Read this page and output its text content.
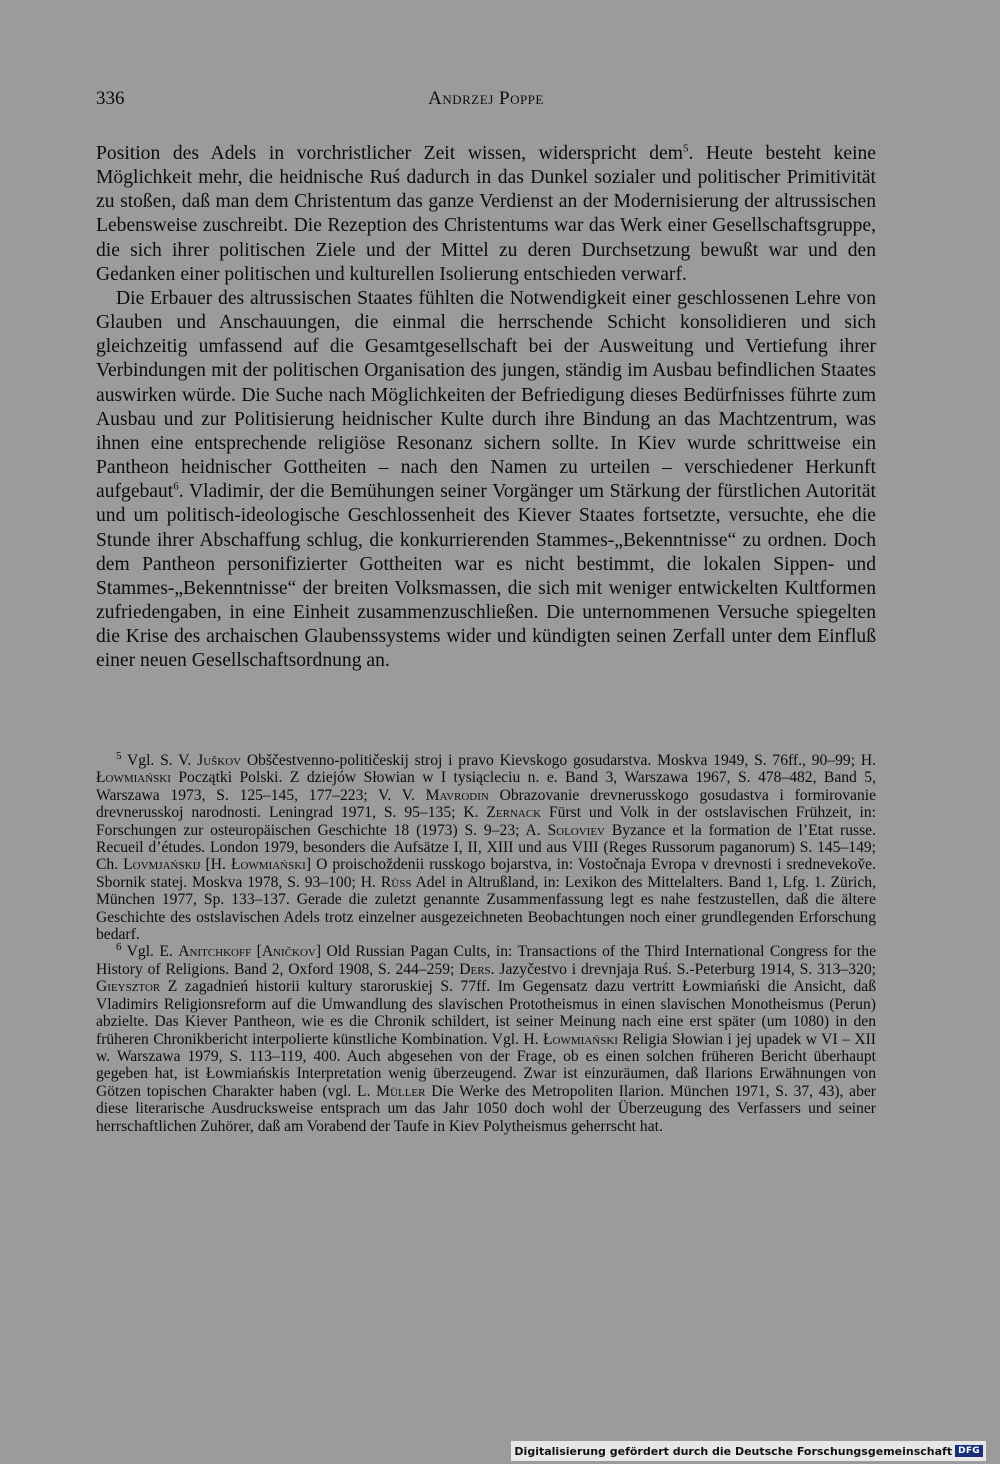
336	Andrzej Poppe

Position des Adels in vorchristlicher Zeit wissen, widerspricht dem$^5$. Heute besteht keine Möglichkeit mehr, die heidnische Ruś dadurch in das Dunkel sozialer und politischer Primitivität zu stoßen, daß man dem Christentum das ganze Verdienst an der Modernisierung der altrussischen Lebensweise zuschreibt. Die Rezeption des Christentums war das Werk einer Gesellschaftsgruppe, die sich ihrer politischen Ziele und der Mittel zu deren Durchsetzung bewußt war und den Gedanken einer politischen und kulturellen Isolierung entschieden verwarf.

Die Erbauer des altrussischen Staates fühlten die Notwendigkeit einer geschlossenen Lehre von Glauben und Anschauungen, die einmal die herrschende Schicht konsolidieren und sich gleichzeitig umfassend auf die Gesamtgesellschaft bei der Ausweitung und Vertiefung ihrer Verbindungen mit der politischen Organisation des jungen, ständig im Ausbau befindlichen Staates auswirken würde. Die Suche nach Möglichkeiten der Befriedigung dieses Bedürfnisses führte zum Ausbau und zur Politisierung heidnischer Kulte durch ihre Bindung an das Machtzentrum, was ihnen eine entsprechende religiöse Resonanz sichern sollte. In Kiev wurde schrittweise ein Pantheon heidnischer Gottheiten – nach den Namen zu urteilen – verschiedener Herkunft aufgebaut$^6$. Vladimir, der die Bemühungen seiner Vorgänger um Stärkung der fürstlichen Autorität und um politisch-ideologische Geschlossenheit des Kiever Staates fortsetzte, versuchte, ehe die Stunde ihrer Abschaffung schlug, die konkurrierenden Stammes-„Bekenntnisse“ zu ordnen. Doch dem Pantheon personifizierter Gottheiten war es nicht bestimmt, die lokalen Sippen- und Stammes-„Bekenntnisse“ der breiten Volksmassen, die sich mit weniger entwickelten Kultformen zufriedengaben, in eine Einheit zusammenzuschließen. Die unternommenen Versuche spiegelten die Krise des archaischen Glaubenssystems wider und kündigten seinen Zerfall unter dem Einfluß einer neuen Gesellschaftsordnung an.

$^5$ Vgl. S. V. Juškov Obščestvenno-političeskij stroj i pravo Kievskogo gosudarstva. Moskva 1949, S. 76ff., 90–99; H. Łowmiański Początki Polski. Z dziejów Słowian w I tysiącleciu n. e. Band 3, Warszawa 1967, S. 478–482, Band 5, Warszawa 1973, S. 125–145, 177–223; V. V. Mavrodin Obrazovanie drevnerusskogo gosudastva i formirovanie drevnerusskoj narodnosti. Leningrad 1971, S. 95–135; K. Zernack Fürst und Volk in der ostslavischen Frühzeit, in: Forschungen zur osteuropäischen Geschichte 18 (1973) S. 9–23; A. Soloviev Byzance et la formation de l’Etat russe. Recueil d’études. London 1979, besonders die Aufsätze I, II, XIII und aus VIII (Reges Russorum paganorum) S. 145–149; Ch. Lovmjańskij [H. Łowmiański] O proischoždenii russkogo bojarstva, in: Vostočnaja Evropa v drevnosti i srednevekov̌e. Sbornik statej. Moskva 1978, S. 93–100; H. Rüss Adel in Altrußland, in: Lexikon des Mittelalters. Band 1, Lfg. 1. Zürich, München 1977, Sp. 133–137. Gerade die zuletzt genannte Zusammenfassung legt es nahe festzustellen, daß die ältere Geschichte des ostslavischen Adels trotz einzelner ausgezeichneten Beobachtungen noch einer grundlegenden Erforschung bedarf.

$^6$ Vgl. E. Anitchkoff [Aničkov] Old Russian Pagan Cults, in: Transactions of the Third International Congress for the History of Religions. Band 2, Oxford 1908, S. 244–259; Ders. Jazyčestvo i drevnjaja Ruś. S.-Peterburg 1914, S. 313–320; Gieysztor Z zagadnień historii kultury staroruskiej S. 77ff. Im Gegensatz dazu vertritt Łowmiański die Ansicht, daß Vladimirs Religionsreform auf die Umwandlung des slavischen Prototheismus in einen slavischen Monotheismus (Perun) abzielte. Das Kiever Pantheon, wie es die Chronik schildert, ist seiner Meinung nach eine erst später (um 1080) in den früheren Chronikbericht interpolierte künstliche Kombination. Vgl. H. Łowmiański Religia Słowian i jej upadek w VI – XII w. Warszawa 1979, S. 113–119, 400. Auch abgesehen von der Frage, ob es einen solchen früheren Bericht überhaupt gegeben hat, ist Łowmiańskis Interpretation wenig überzeugend. Zwar ist einzuräumen, daß Ilarions Erwähnungen von Götzen topischen Charakter haben (vgl. L. Müller Die Werke des Metropoliten Ilarion. München 1971, S. 37, 43), aber diese literarische Ausdrucksweise entsprach um das Jahr 1050 doch wohl der Überzeugung des Verfassers und seiner herrschaftlichen Zuhörer, daß am Vorabend der Taufe in Kiev Polytheismus geherrscht hat.

Digitalisierung gefördert durch die Deutsche Forschungsgemeinschaft DFG
